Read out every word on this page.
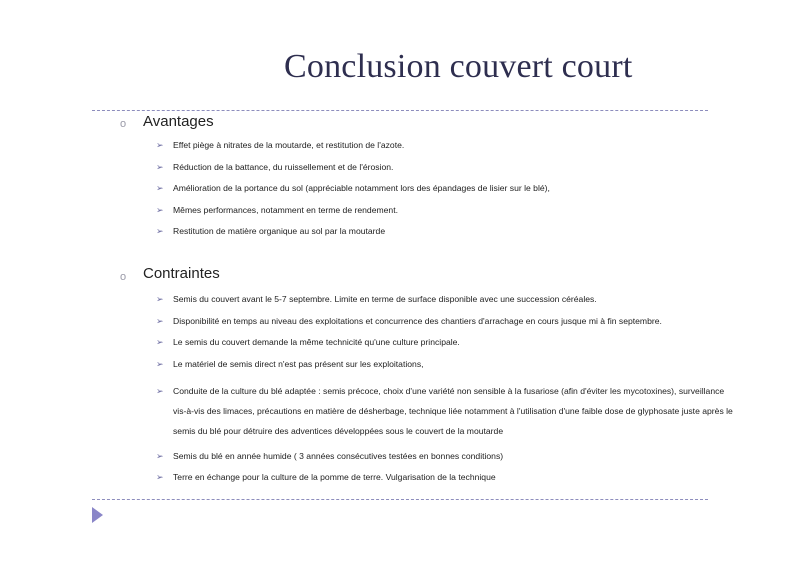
Conclusion couvert court
o Avantages
➢ Effet piège à nitrates de la moutarde, et restitution de l'azote.
➢ Réduction de la battance, du ruissellement et de l'érosion.
➢ Amélioration de la portance du sol (appréciable notamment lors des épandages de lisier sur le blé),
➢ Mêmes performances, notamment en terme de rendement.
➢ Restitution de matière organique au sol par la moutarde
o Contraintes
➢ Semis du couvert avant le 5-7 septembre. Limite en terme de surface disponible avec une succession céréales.
➢ Disponibilité en temps au niveau des exploitations et concurrence des chantiers d'arrachage en cours jusque mi à fin septembre.
➢ Le semis du couvert demande la même technicité qu'une culture principale.
➢ Le matériel de semis direct n'est pas présent sur les exploitations,
➢ Conduite de la culture du blé adaptée : semis précoce, choix d'une variété non sensible à la fusariose (afin d'éviter les mycotoxines), surveillance vis-à-vis des limaces, précautions en matière de désherbage, technique liée notamment à l'utilisation d'une faible dose de glyphosate juste après le semis du blé pour détruire des adventices développées sous le couvert de la moutarde
➢ Semis du blé en année humide ( 3 années consécutives testées en bonnes conditions)
➢ Terre en échange pour la culture de la pomme de terre. Vulgarisation de la technique
